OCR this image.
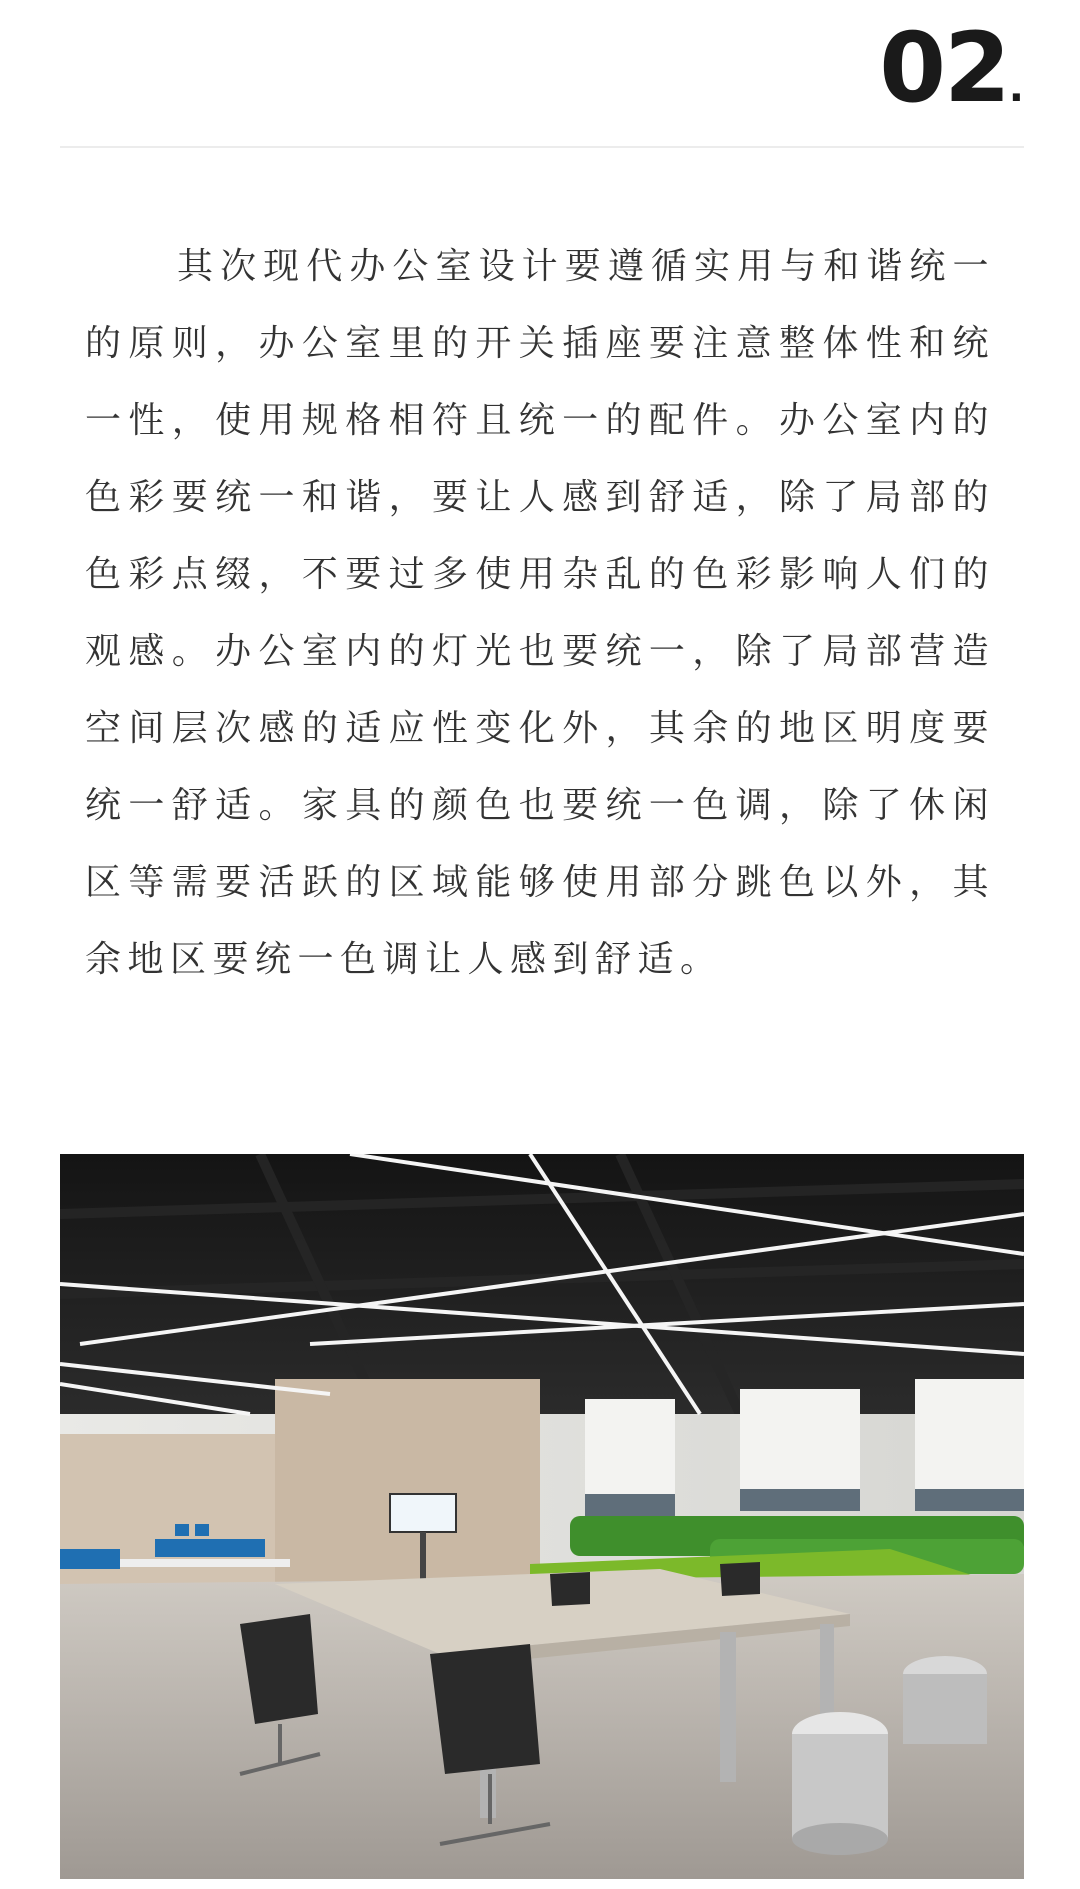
02.

其次现代办公室设计要遵循实用与和谐统一的原则，办公室里的开关插座要注意整体性和统一性，使用规格相符且统一的配件。办公室内的色彩要统一和谐，要让人感到舒适，除了局部的色彩点缀，不要过多使用杂乱的色彩影响人们的观感。办公室内的灯光也要统一，除了局部营造空间层次感的适应性变化外，其余的地区明度要统一舒适。家具的颜色也要统一色调，除了休闲区等需要活跃的区域能够使用部分跳色以外，其余地区要统一色调让人感到舒适。
